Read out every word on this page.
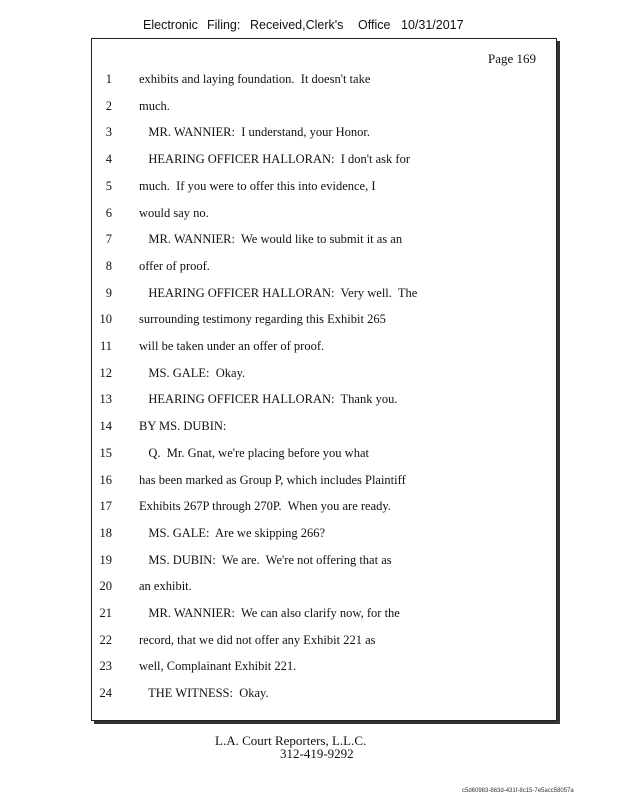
Electronic Filing: Received,Clerk's Office 10/31/2017
Page 169
1 exhibits and laying foundation.  It doesn't take
2 much.
3 MR. WANNIER:  I understand, your Honor.
4 HEARING OFFICER HALLORAN:  I don't ask for
5 much.  If you were to offer this into evidence, I
6 would say no.
7 MR. WANNIER:  We would like to submit it as an
8 offer of proof.
9 HEARING OFFICER HALLORAN:  Very well.  The
10 surrounding testimony regarding this Exhibit 265
11 will be taken under an offer of proof.
12 MS. GALE:  Okay.
13 HEARING OFFICER HALLORAN:  Thank you.
14 BY MS. DUBIN:
15 Q.  Mr. Gnat, we're placing before you what
16 has been marked as Group P, which includes Plaintiff
17 Exhibits 267P through 270P.  When you are ready.
18 MS. GALE:  Are we skipping 266?
19 MS. DUBIN:  We are.  We're not offering that as
20 an exhibit.
21 MR. WANNIER:  We can also clarify now, for the
22 record, that we did not offer any Exhibit 221 as
23 well, Complainant Exhibit 221.
24 THE WITNESS:  Okay.
L.A. Court Reporters, L.L.C.
312-419-9292
c5d60983-863d-431f-8c15-7e5acc58057a
